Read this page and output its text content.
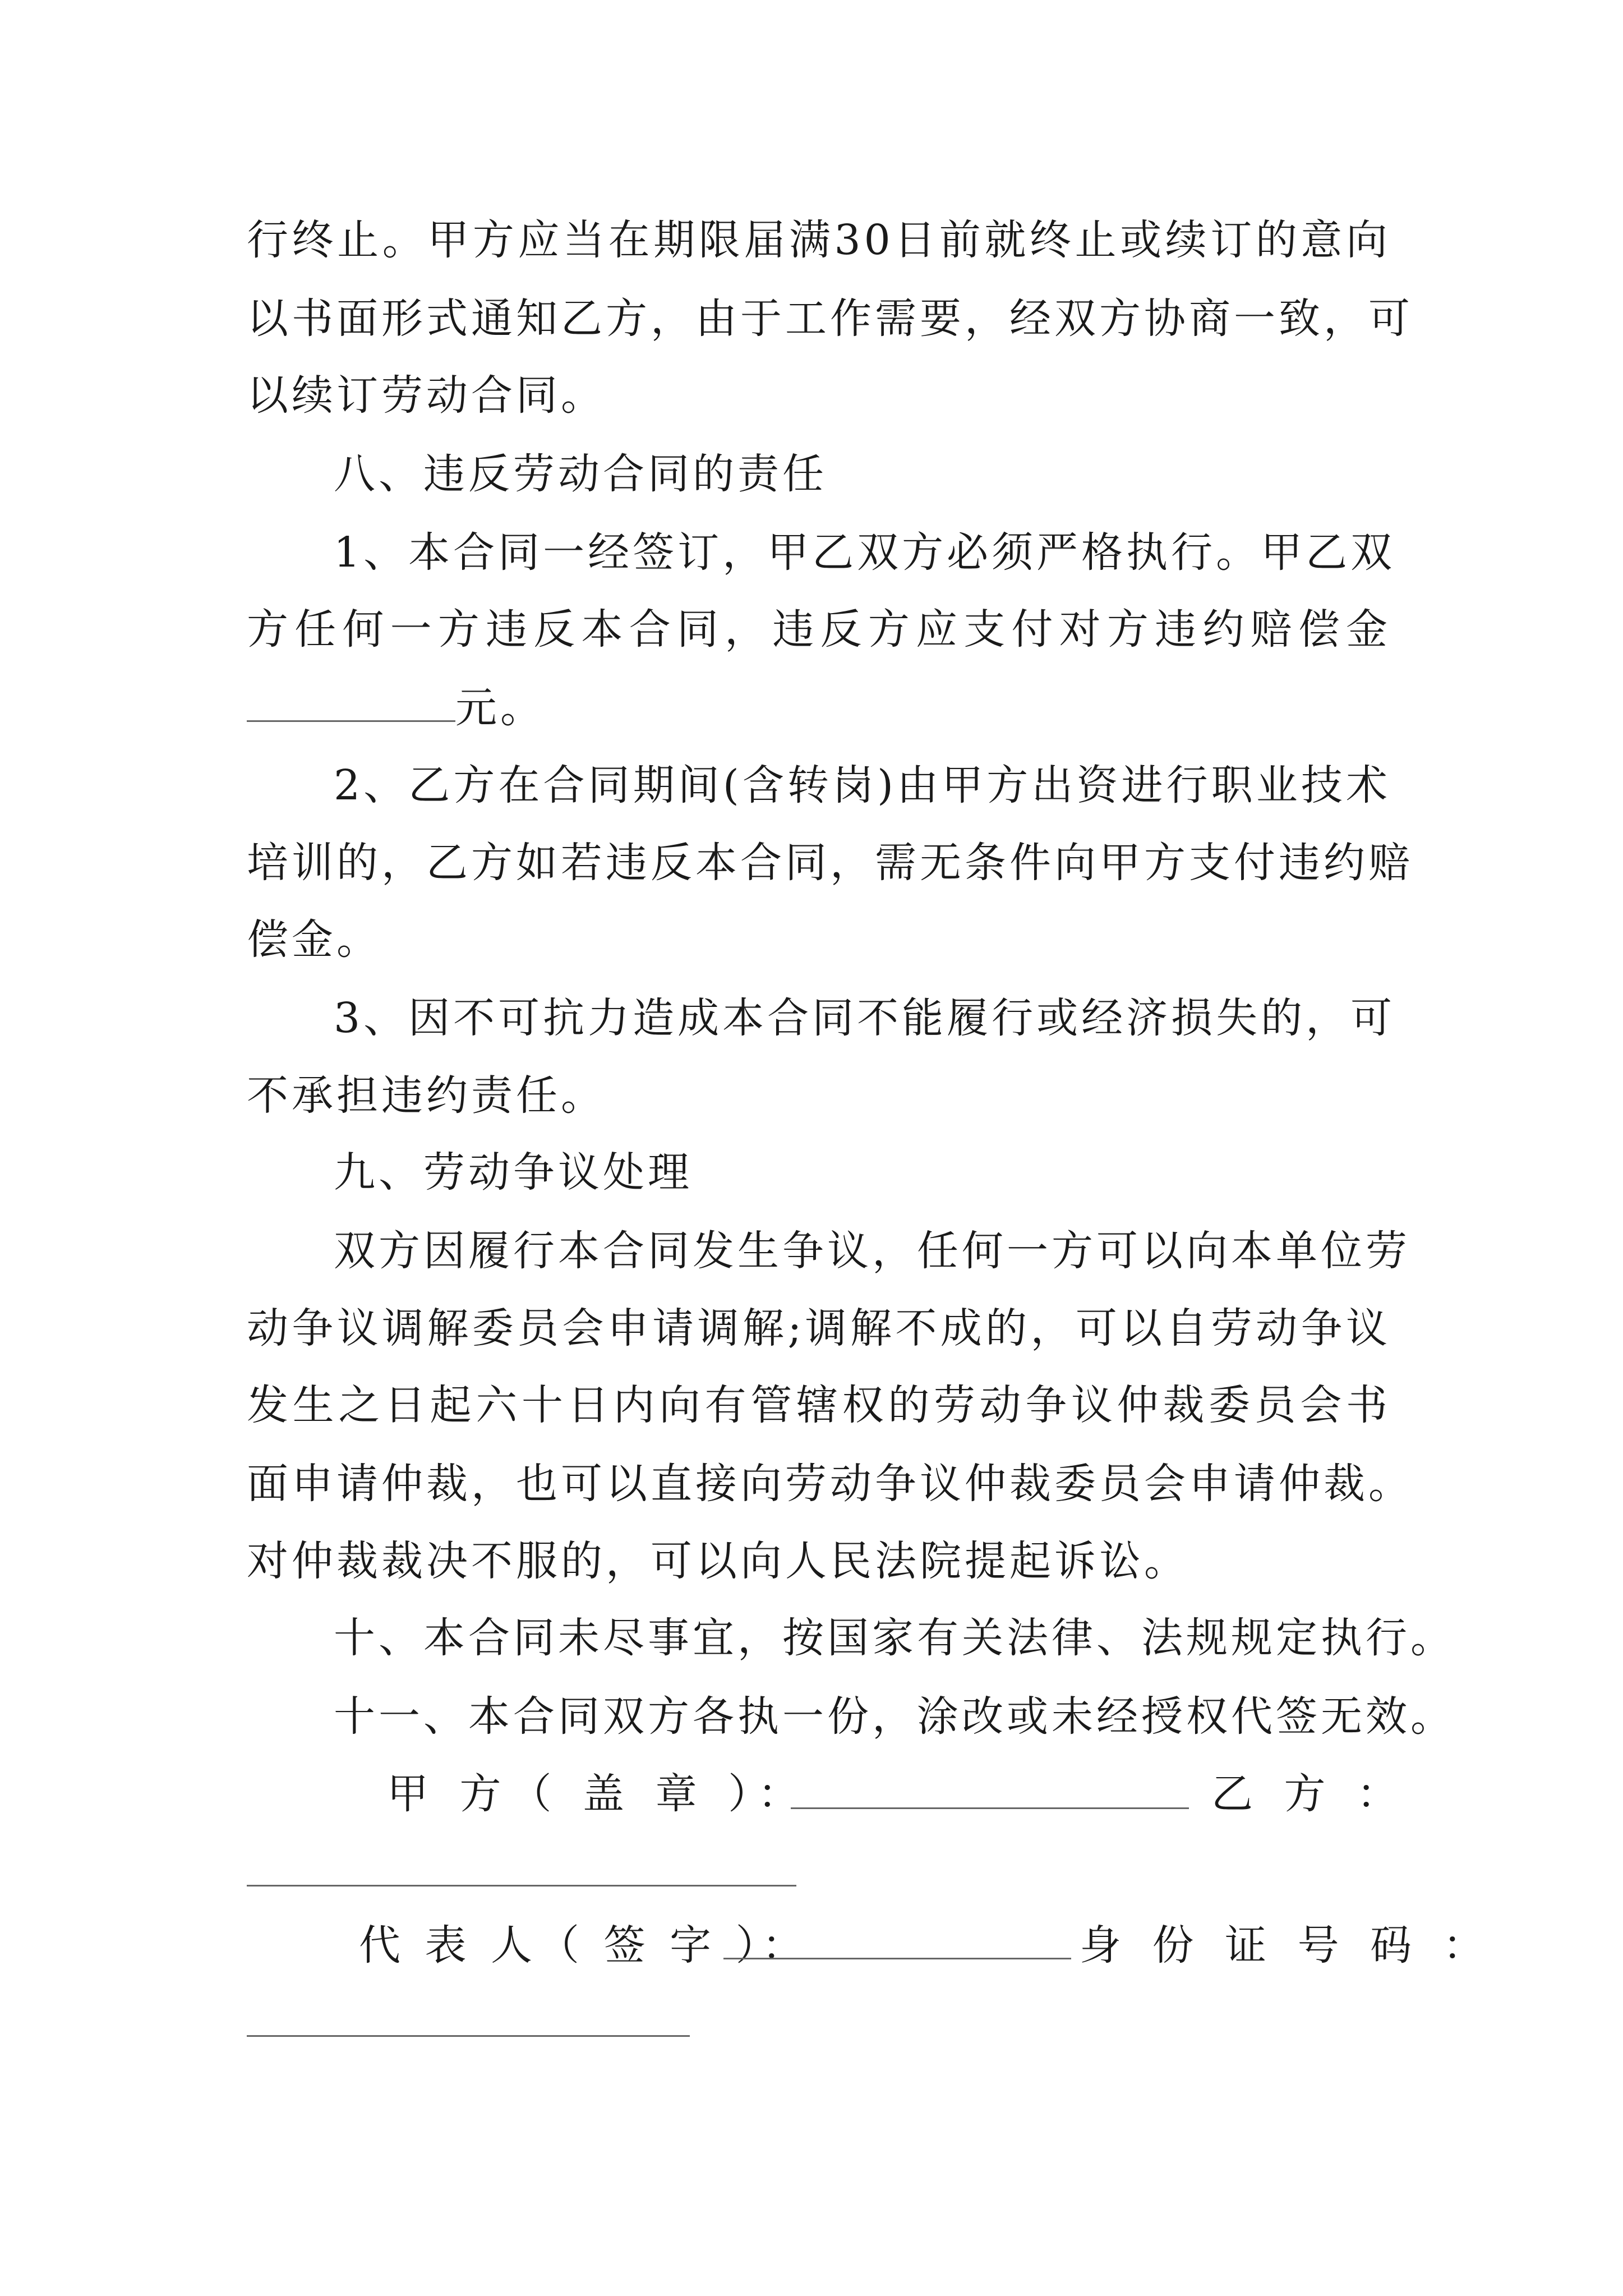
行终止。甲方应当在期限届满30日前就终止或续订的意向
以书面形式通知乙方，由于工作需要，经双方协商一致，可
以续订劳动合同。
八、违反劳动合同的责任
1、本合同一经签订，甲乙双方必须严格执行。甲乙双
方任何一方违反本合同，违反方应支付对方违约赔偿金
元。
2、乙方在合同期间(含转岗)由甲方出资进行职业技术
培训的，乙方如若违反本合同，需无条件向甲方支付违约赔
偿金。
3、因不可抗力造成本合同不能履行或经济损失的，可
不承担违约责任。
九、劳动争议处理
双方因履行本合同发生争议，任何一方可以向本单位劳
动争议调解委员会申请调解;调解不成的，可以自劳动争议
发生之日起六十日内向有管辖权的劳动争议仲裁委员会书
面申请仲裁，也可以直接向劳动争议仲裁委员会申请仲裁。
对仲裁裁决不服的，可以向人民法院提起诉讼。
十、本合同未尽事宜，按国家有关法律、法规规定执行。
十一、本合同双方各执一份，涂改或未经授权代签无效。
甲 方（ 盖 章 ）：	乙 方 ：
代 表 人（ 签 字 ）：	身 份 证 号 码 ：
